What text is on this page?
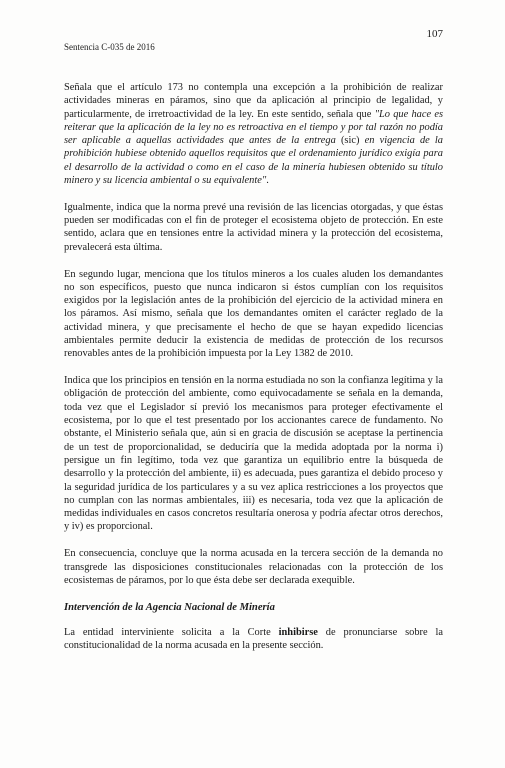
107
Sentencia C-035 de 2016

Señala que el artículo 173 no contempla una excepción a la prohibición de realizar actividades mineras en páramos, sino que da aplicación al principio de legalidad, y particularmente, de irretroactividad de la ley. En este sentido, señala que "Lo que hace es reiterar que la aplicación de la ley no es retroactiva en el tiempo y por tal razón no podía ser aplicable a aquellas actividades que antes de la entrega (sic) en vigencia de la prohibición hubiese obtenido aquellos requisitos que el ordenamiento jurídico exigía para el desarrollo de la actividad o como en el caso de la minería hubiesen obtenido su título minero y su licencia ambiental o su equivalente".

Igualmente, indica que la norma prevé una revisión de las licencias otorgadas, y que éstas pueden ser modificadas con el fin de proteger el ecosistema objeto de protección. En este sentido, aclara que en tensiones entre la actividad minera y la protección del ecosistema, prevalecerá esta última.

En segundo lugar, menciona que los títulos mineros a los cuales aluden los demandantes no son específicos, puesto que nunca indicaron si éstos cumplían con los requisitos exigidos por la legislación antes de la prohibición del ejercicio de la actividad minera en los páramos. Así mismo, señala que los demandantes omiten el carácter reglado de la actividad minera, y que precisamente el hecho de que se hayan expedido licencias ambientales permite deducir la existencia de medidas de protección de los recursos renovables antes de la prohibición impuesta por la Ley 1382 de 2010.

Indica que los principios en tensión en la norma estudiada no son la confianza legítima y la obligación de protección del ambiente, como equivocadamente se señala en la demanda, toda vez que el Legislador sí previó los mecanismos para proteger efectivamente el ecosistema, por lo que el test presentado por los accionantes carece de fundamento. No obstante, el Ministerio señala que, aún si en gracia de discusión se aceptase la pertinencia de un test de proporcionalidad, se deduciría que la medida adoptada por la norma i) persigue un fin legítimo, toda vez que garantiza un equilibrio entre la búsqueda de desarrollo y la protección del ambiente, ii) es adecuada, pues garantiza el debido proceso y la seguridad jurídica de los particulares y a su vez aplica restricciones a los proyectos que no cumplan con las normas ambientales, iii) es necesaria, toda vez que la aplicación de medidas individuales en casos concretos resultaría onerosa y podría afectar otros derechos, y iv) es proporcional.

En consecuencia, concluye que la norma acusada en la tercera sección de la demanda no transgrede las disposiciones constitucionales relacionadas con la protección de los ecosistemas de páramos, por lo que ésta debe ser declarada exequible.

Intervención de la Agencia Nacional de Minería

La entidad interviniente solicita a la Corte inhibirse de pronunciarse sobre la constitucionalidad de la norma acusada en la presente sección.
